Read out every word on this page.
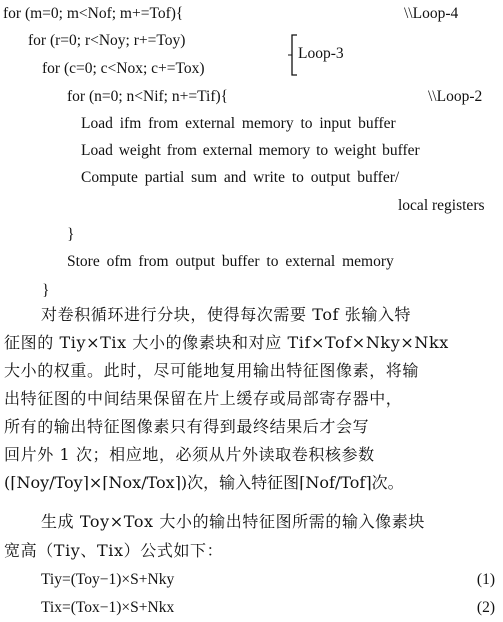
for (m=0; m<Nof; m+=Tof){	\\Loop-4
for (r=0; r<Noy; r+=Toy)
Loop-3
for (c=0; c<Nox; c+=Tox)
for (n=0; n<Nif; n+=Tif){	\\Loop-2
Load ifm from external memory to input buffer
Load weight from external memory to weight buffer
Compute partial sum and write to output buffer/
local registers
}
Store ofm from output buffer to external memory
}
对卷积循环进行分块，使得每次需要 Tof 张输入特
征图的 Tiy×Tix 大小的像素块和对应 Tif×Tof×Nky×Nkx
大小的权重。此时，尽可能地复用输出特征图像素，将输
出特征图的中间结果保留在片上缓存或局部寄存器中，
所有的输出特征图像素只有得到最终结果后才会写
回片外 1 次；相应地，必须从片外读取卷积核参数
(⌈Noy/Toy⌉×⌈Nox/Tox⌉)次，输入特征图⌈Nof/Tof⌉次。
生成 Toy×Tox 大小的输出特征图所需的输入像素块
宽高（Tiy、Tix）公式如下：
Tiy=(Toy−1)×S+Nky	(1)
Tix=(Tox−1)×S+Nkx	(2)
